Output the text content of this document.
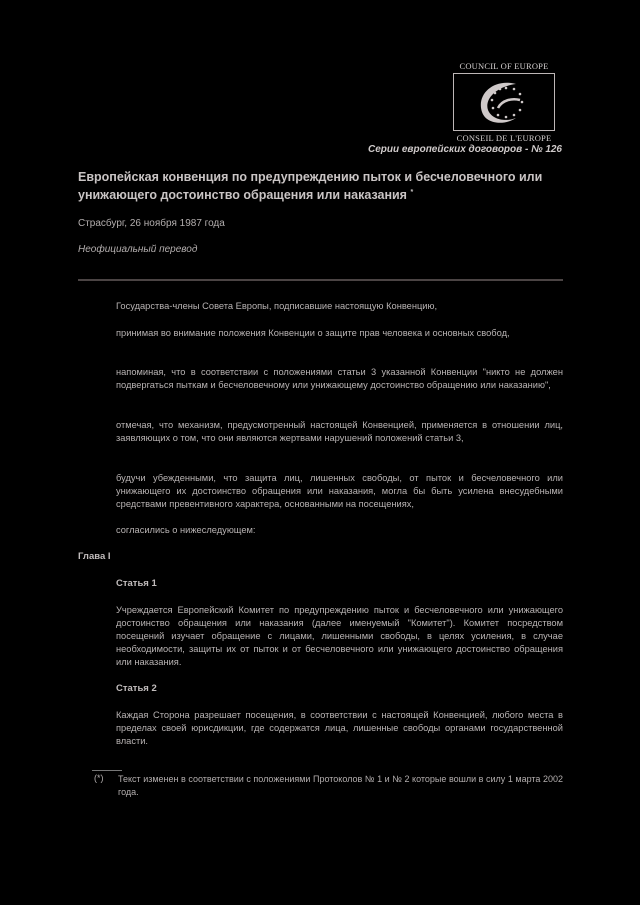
COUNCIL OF EUROPE
CONSEIL DE L'EUROPE
Серии европейских договоров - № 126
Европейская конвенция по предупреждению пыток и бесчеловечного или унижающего достоинство обращения или наказания *
Страсбург, 26 ноября 1987 года
Неофициальный перевод
Государства-члены Совета Европы, подписавшие настоящую Конвенцию,
принимая во внимание положения Конвенции о защите прав человека и основных свобод,
напоминая, что в соответствии с положениями статьи 3 указанной Конвенции "никто не должен подвергаться пыткам и бесчеловечному или унижающему достоинство обращению или наказанию",
отмечая, что механизм, предусмотренный настоящей Конвенцией, применяется в отношении лиц, заявляющих о том, что они являются жертвами нарушений положений статьи 3,
будучи убежденными, что защита лиц, лишенных свободы, от пыток и бесчеловечного или унижающего их достоинство обращения или наказания, могла бы быть усилена внесудебными средствами превентивного характера, основанными на посещениях,
согласились о нижеследующем:
Глава I
Статья 1
Учреждается Европейский Комитет по предупреждению пыток и бесчеловечного или унижающего достоинство обращения или наказания (далее именуемый "Комитет"). Комитет посредством посещений изучает обращение с лицами, лишенными свободы, в целях усиления, в случае необходимости, защиты их от пыток и от бесчеловечного или унижающего достоинство обращения или наказания.
Статья 2
Каждая Сторона разрешает посещения, в соответствии с настоящей Конвенцией, любого места в пределах своей юрисдикции, где содержатся лица, лишенные свободы органами государственной власти.
(*) Текст изменен в соответствии с положениями Протоколов № 1 и № 2 которые вошли в силу 1 марта 2002 года.
